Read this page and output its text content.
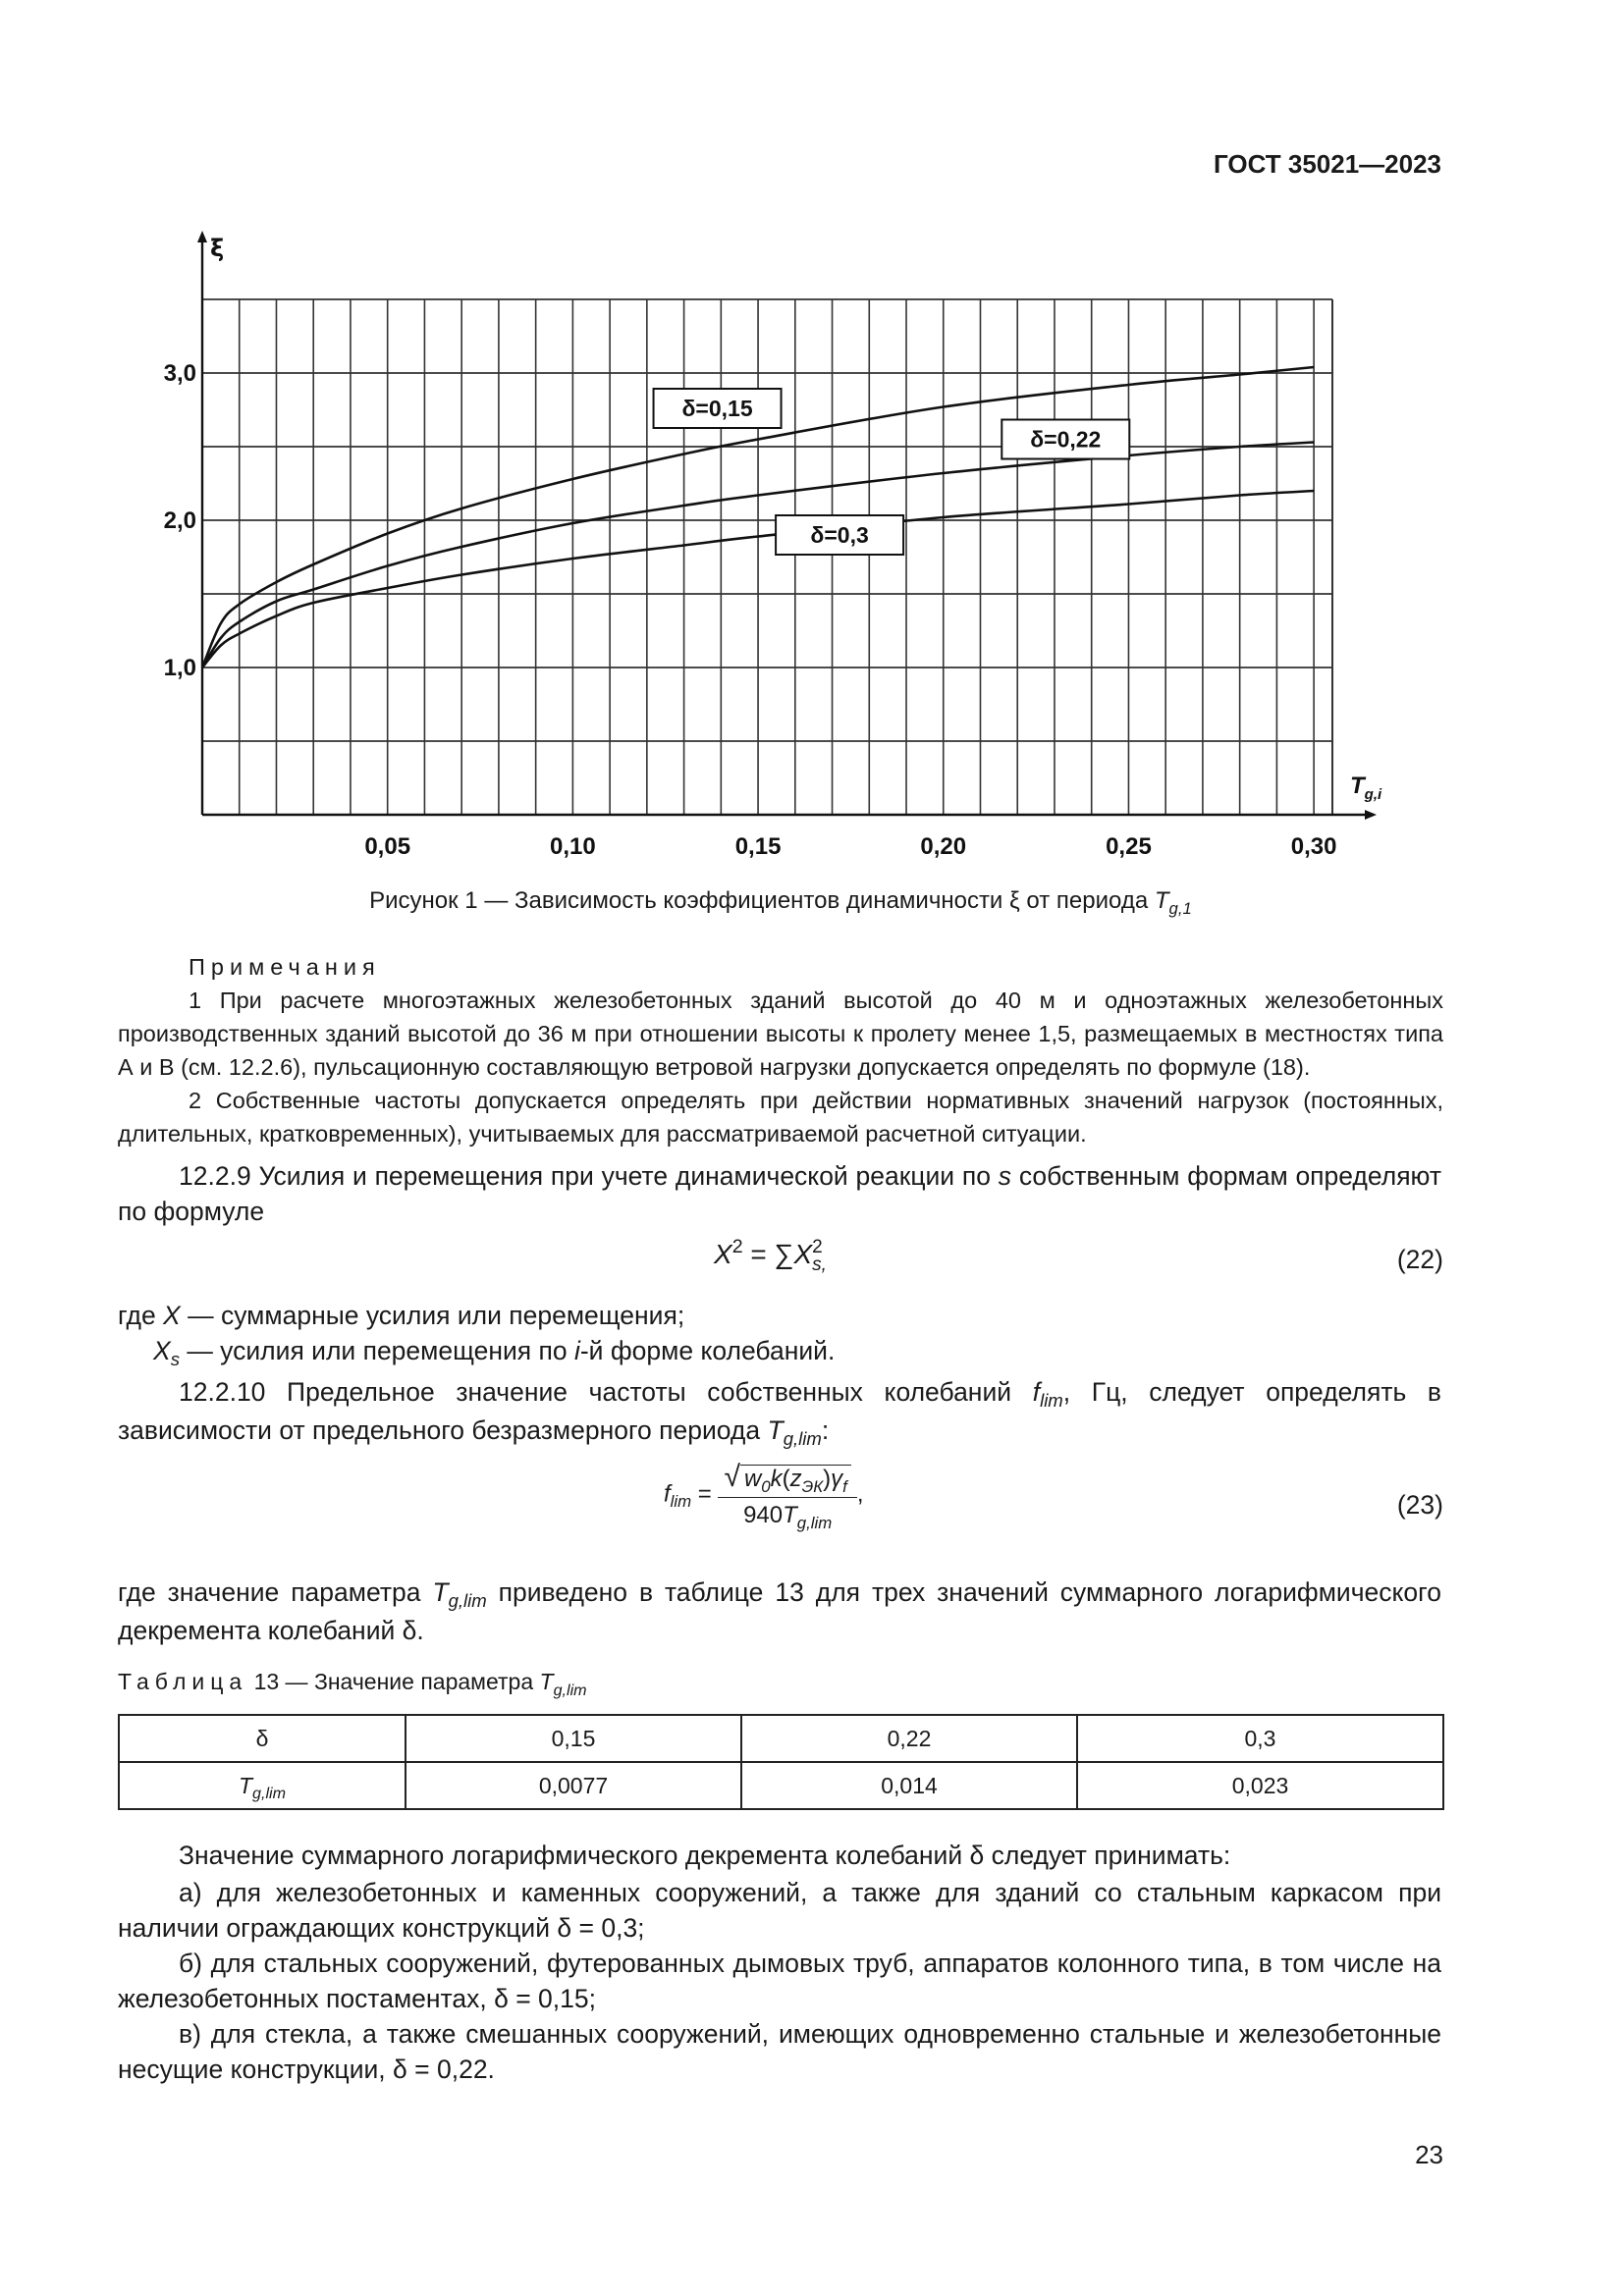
ГОСТ 35021—2023
δ=0,15
δ=0,22
δ=0,3
0,05	0,10	0,15	0,20	0,25	0,30
1,0
2,0
3,0
ξ
$T_{g,i}$
Рисунок 1 — Зависимость коэффициентов динамичности ξ от периода $T_{g,1}$
Примечания
1 При расчете многоэтажных железобетонных зданий высотой до 40 м и одноэтажных железобетонных производственных зданий высотой до 36 м при отношении высоты к пролету менее 1,5, размещаемых в местностях типа А и В (см. 12.2.6), пульсационную составляющую ветровой нагрузки допускается определять по формуле (18).
2 Собственные частоты допускается определять при действии нормативных значений нагрузок (постоянных, длительных, кратковременных), учитываемых для рассматриваемой расчетной ситуации.
12.2.9 Усилия и перемещения при учете динамической реакции по s собственным формам определяют по формуле
$X^2 = \sum X$ 2
s,	(22)
где X — суммарные усилия или перемещения;
$X_s$ — усилия или перемещения по i-й форме колебаний.
12.2.10 Предельное значение частоты собственных колебаний $f_{lim}$, Гц, следует определять в зависимости от предельного безразмерного периода $T_{g,lim}$:
$f_{lim} = \frac{√ w_0k(z_{ЭК})\gamma_f}{940T_{g,lim}}$ ,	(23)
где значение параметра $T_{g,lim}$ приведено в таблице 13 для трех значений суммарного логарифмического декремента колебаний δ.
Таблица 13 — Значение параметра $T_{g,lim}$
δ	0,15	0,22	0,3
$T_{g,lim}$	0,0077	0,014	0,023
Значение суммарного логарифмического декремента колебаний δ следует принимать:
а) для железобетонных и каменных сооружений, а также для зданий со стальным каркасом при наличии ограждающих конструкций δ = 0,3;
б) для стальных сооружений, футерованных дымовых труб, аппаратов колонного типа, в том числе на железобетонных постаментах, δ = 0,15;
в) для стекла, а также смешанных сооружений, имеющих одновременно стальные и железобетонные несущие конструкции, δ = 0,22.
23
